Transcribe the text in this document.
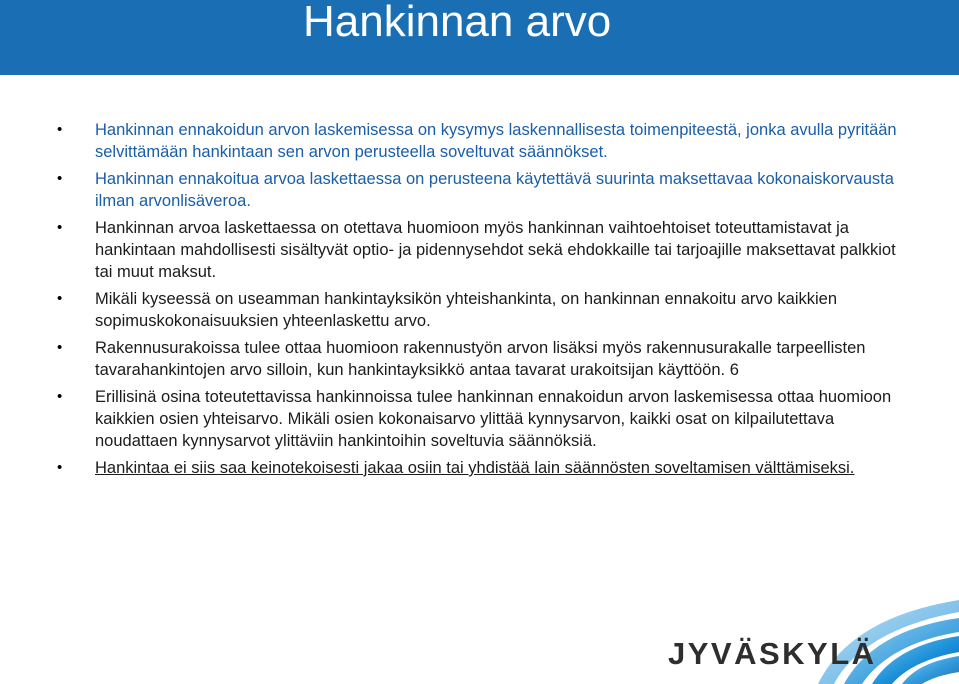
Hankinnan arvo
• Hankinnan ennakoidun arvon laskemisessa on kysymys laskennallisesta toimenpiteestä, jonka avulla pyritään selvittämään hankintaan sen arvon perusteella soveltuvat säännökset.
• Hankinnan ennakoitua arvoa laskettaessa on perusteena käytettävä suurinta maksettavaa kokonaiskorvausta ilman arvonlisäveroa.
• Hankinnan arvoa laskettaessa on otettava huomioon myös hankinnan vaihtoehtoiset toteuttamistavat ja hankintaan mahdollisesti sisältyvät optio- ja pidennysehdot sekä ehdokkaille tai tarjoajille maksettavat palkkiot tai muut maksut.
• Mikäli kyseessä on useamman hankintayksikön yhteishankinta, on hankinnan ennakoitu arvo kaikkien sopimuskokonaisuuksien yhteenlaskettu arvo.
• Rakennusurakoissa tulee ottaa huomioon rakennustyön arvon lisäksi myös rakennusurakalle tarpeellisten tavarahankintojen arvo silloin, kun hankintayksikkö antaa tavarat urakoitsijan käyttöön. 6
• Erillisinä osina toteutettavissa hankinnoissa tulee hankinnan ennakoidun arvon laskemisessa ottaa huomioon kaikkien osien yhteisarvo. Mikäli osien kokonaisarvo ylittää kynnysarvon, kaikki osat on kilpailutettava noudattaen kynnysarvot ylittäviin hankintoihin soveltuvia säännöksiä.
• Hankintaa ei siis saa keinotekoisesti jakaa osiin tai yhdistää lain säännösten soveltamisen välttämiseksi.
JYVÄSKYLÄ
